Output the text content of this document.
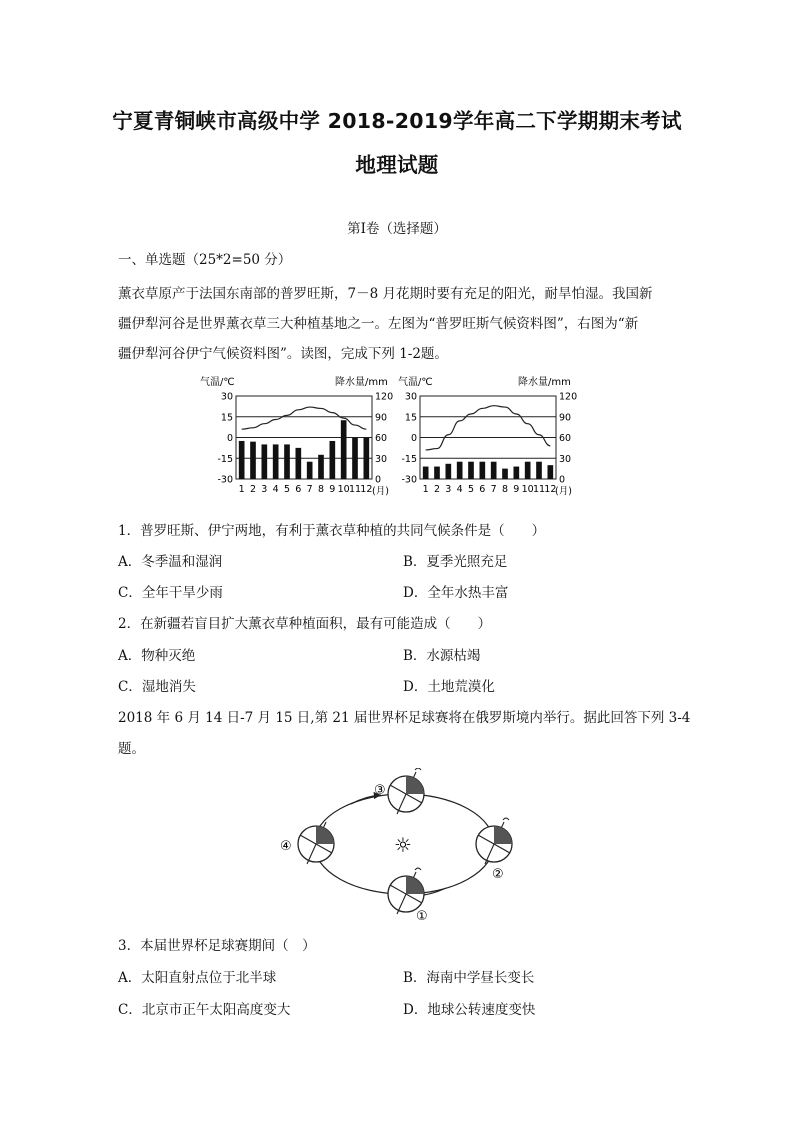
宁夏青铜峡市高级中学 2018-2019学年高二下学期期末考试
地理试题
第Ⅰ卷（选择题）
一、单选题（25*2=50 分）
薰衣草原产于法国东南部的普罗旺斯，7－8 月花期时要有充足的阳光，耐旱怕湿。我国新
疆伊犁河谷是世界薰衣草三大种植基地之一。左图为“普罗旺斯气候资料图”，右图为“新
疆伊犁河谷伊宁气候资料图”。读图，完成下列 1-2题。
气温/℃	降水量/mm
30
15
0
-15
-30
120
90
60
30
0
1 2 3 4 5 6 7 8 9 10 11 12 (月)
气温/℃	降水量/mm
30
15
0
-15
-30
120
90
60
30
0
1 2 3 4 5 6 7 8 9 10 11 12
(月)
1．普罗旺斯、伊宁两地，有利于薰衣草种植的共同气候条件是（　　）
A．冬季温和湿润	B．夏季光照充足
C．全年干旱少雨	D．全年水热丰富
2．在新疆若盲目扩大薰衣草种植面积，最有可能造成（　　）
A．物种灭绝	B．水源枯竭
C．湿地消失	D．土地荒漠化
2018 年 6 月 14 日-7 月 15 日,第 21 届世界杯足球赛将在俄罗斯境内举行。据此回答下列 3-4
题。
③
②
①
④	☼
3．本届世界杯足球赛期间（　）
A．太阳直射点位于北半球	B．海南中学昼长变长
C．北京市正午太阳高度变大	D．地球公转速度变快
